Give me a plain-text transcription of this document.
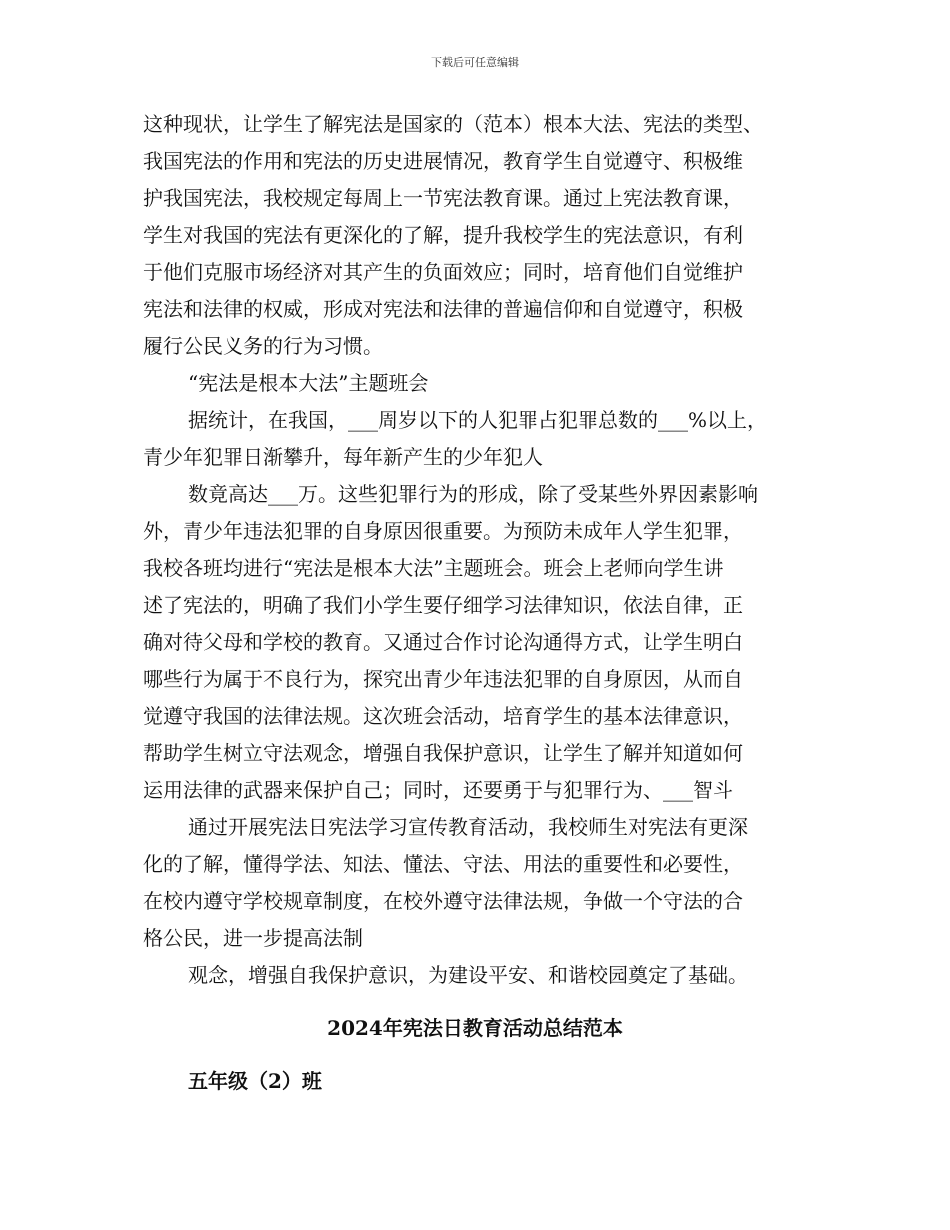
下载后可任意编辑
这种现状，让学生了解宪法是国家的（范本）根本大法、宪法的类型、
我国宪法的作用和宪法的历史进展情况，教育学生自觉遵守、积极维
护我国宪法，我校规定每周上一节宪法教育课。通过上宪法教育课，
学生对我国的宪法有更深化的了解，提升我校学生的宪法意识，有利
于他们克服市场经济对其产生的负面效应；同时，培育他们自觉维护
宪法和法律的权威，形成对宪法和法律的普遍信仰和自觉遵守，积极
履行公民义务的行为习惯。
“宪法是根本大法”主题班会
据统计，在我国，___周岁以下的人犯罪占犯罪总数的___%以上，
青少年犯罪日渐攀升，每年新产生的少年犯人
数竟高达___万。这些犯罪行为的形成，除了受某些外界因素影响
外，青少年违法犯罪的自身原因很重要。为预防未成年人学生犯罪，
我校各班均进行“宪法是根本大法”主题班会。班会上老师向学生讲
述了宪法的，明确了我们小学生要仔细学习法律知识，依法自律，正
确对待父母和学校的教育。又通过合作讨论沟通得方式，让学生明白
哪些行为属于不良行为，探究出青少年违法犯罪的自身原因，从而自
觉遵守我国的法律法规。这次班会活动，培育学生的基本法律意识，
帮助学生树立守法观念，增强自我保护意识，让学生了解并知道如何
运用法律的武器来保护自己；同时，还要勇于与犯罪行为、___智斗
通过开展宪法日宪法学习宣传教育活动，我校师生对宪法有更深
化的了解，懂得学法、知法、懂法、守法、用法的重要性和必要性，
在校内遵守学校规章制度，在校外遵守法律法规，争做一个守法的合
格公民，进一步提高法制
观念，增强自我保护意识，为建设平安、和谐校园奠定了基础。
2024年宪法日教育活动总结范本
五年级（2）班
